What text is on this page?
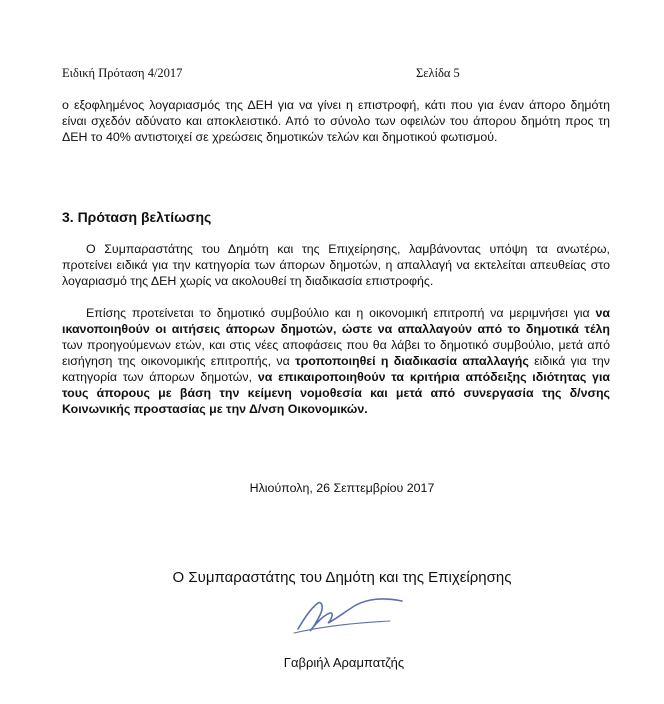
Ειδική Πρόταση 4/2017	Σελίδα 5

ο εξοφλημένος λογαριασμός της ΔΕΗ για να γίνει η επιστροφή, κάτι που για έναν άπορο δημότη είναι σχεδόν αδύνατο και αποκλειστικό. Από το σύνολο των οφειλών του άπορου δημότη προς τη ΔΕΗ το 40% αντιστοιχεί σε χρεώσεις δημοτικών τελών και δημοτικού φωτισμού.

3. Πρόταση βελτίωσης

Ο Συμπαραστάτης του Δημότη και της Επιχείρησης, λαμβάνοντας υπόψη τα ανωτέρω, προτείνει ειδικά για την κατηγορία των άπορων δημοτών, η απαλλαγή να εκτελείται απευθείας στο λογαριασμό της ΔΕΗ χωρίς να ακολουθεί τη διαδικασία επιστροφής.

Επίσης προτείνεται το δημοτικό συμβούλιο και η οικονομική επιτροπή να μεριμνήσει για να ικανοποιηθούν οι αιτήσεις άπορων δημοτών, ώστε να απαλλαγούν από το δημοτικά τέλη των προηγούμενων ετών, και στις νέες αποφάσεις που θα λάβει το δημοτικό συμβούλιο, μετά από εισήγηση της οικονομικής επιτροπής, να τροποποιηθεί η διαδικασία απαλλαγής ειδικά για την κατηγορία των άπορων δημοτών, να επικαιροποιηθούν τα κριτήρια απόδειξης ιδιότητας για τους άπορους με βάση την κείμενη νομοθεσία και μετά από συνεργασία της δ/νσης Κοινωνικής προστασίας με την Δ/νση Οικονομικών.

Ηλιούπολη, 26 Σεπτεμβρίου 2017
Ο Συμπαραστάτης του Δημότη και της Επιχείρησης
Γαβριήλ Αραμπατζής
